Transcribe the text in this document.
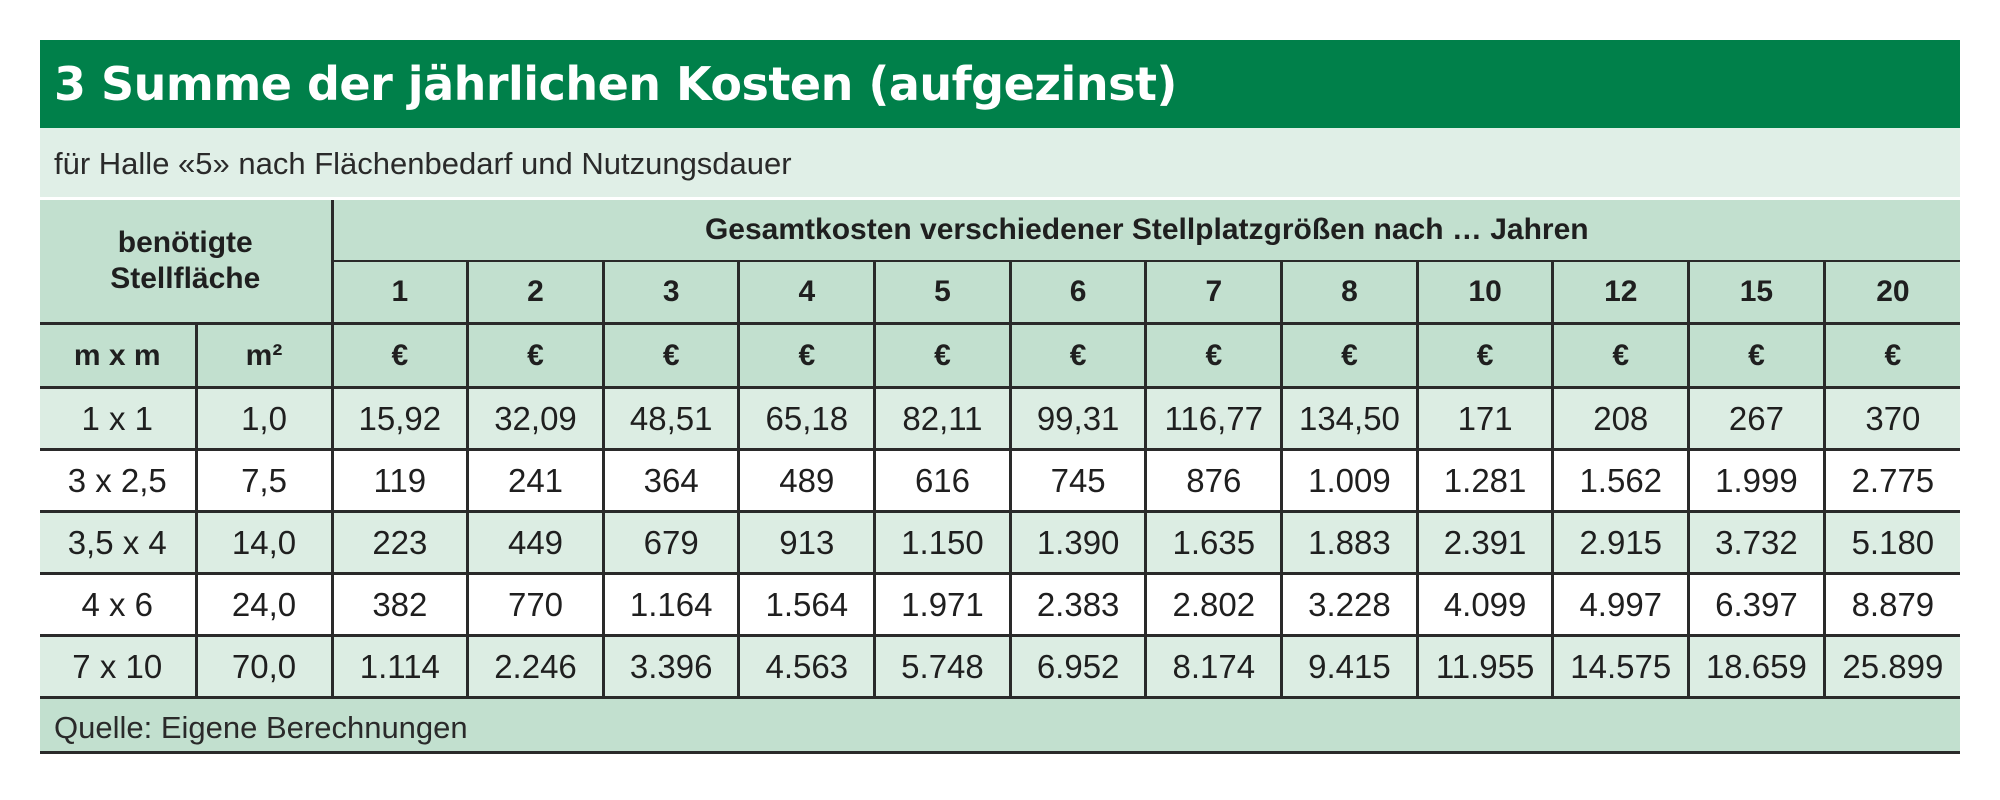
3 Summe der jährlichen Kosten (aufgezinst)
für Halle «5» nach Flächenbedarf und Nutzungsdauer
benötigte Stellfläche		Gesamtkosten verschiedener Stellplatzgrößen nach … Jahren											
		1	2	3	4	5	6	7	8	10	12	15	20
m x m	m²	€	€	€	€	€	€	€	€	€	€	€	€
1 x 1	1,0	15,92	32,09	48,51	65,18	82,11	99,31	116,77	134,50	171	208	267	370
3 x 2,5	7,5	119	241	364	489	616	745	876	1.009	1.281	1.562	1.999	2.775
3,5 x 4	14,0	223	449	679	913	1.150	1.390	1.635	1.883	2.391	2.915	3.732	5.180
4 x 6	24,0	382	770	1.164	1.564	1.971	2.383	2.802	3.228	4.099	4.997	6.397	8.879
7 x 10	70,0	1.114	2.246	3.396	4.563	5.748	6.952	8.174	9.415	11.955	14.575	18.659	25.899
Quelle: Eigene Berechnungen
